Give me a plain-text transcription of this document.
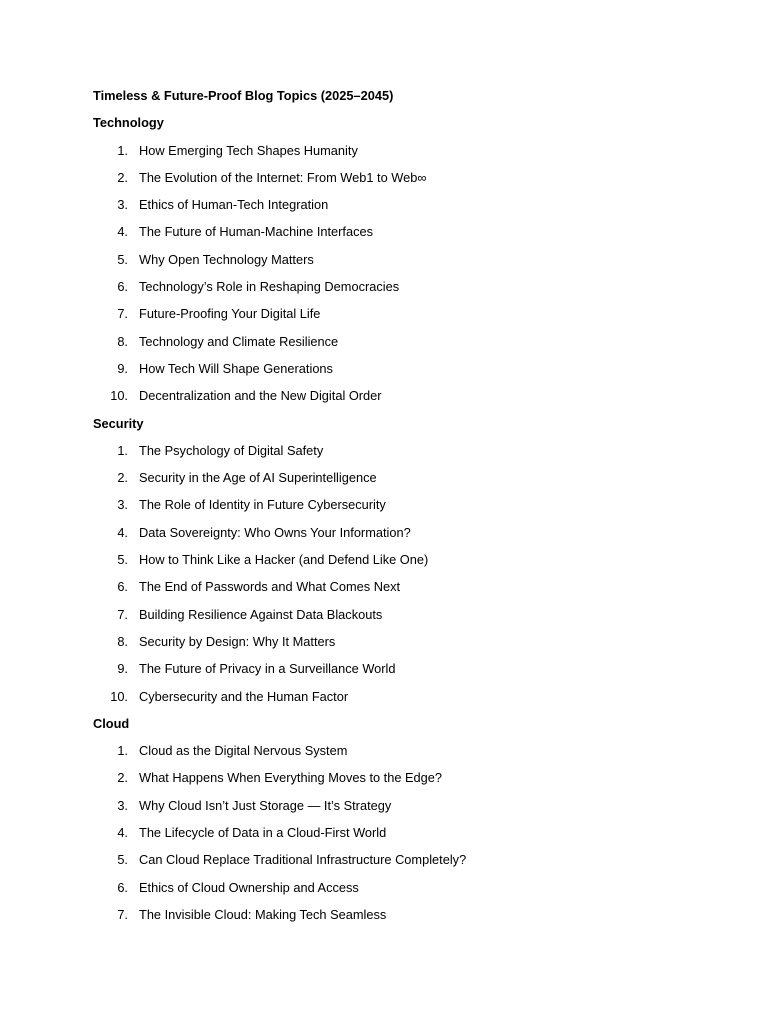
Timeless & Future-Proof Blog Topics (2025–2045)
Technology
1. How Emerging Tech Shapes Humanity
2. The Evolution of the Internet: From Web1 to Web∞
3. Ethics of Human-Tech Integration
4. The Future of Human-Machine Interfaces
5. Why Open Technology Matters
6. Technology’s Role in Reshaping Democracies
7. Future-Proofing Your Digital Life
8. Technology and Climate Resilience
9. How Tech Will Shape Generations
10. Decentralization and the New Digital Order
Security
1. The Psychology of Digital Safety
2. Security in the Age of AI Superintelligence
3. The Role of Identity in Future Cybersecurity
4. Data Sovereignty: Who Owns Your Information?
5. How to Think Like a Hacker (and Defend Like One)
6. The End of Passwords and What Comes Next
7. Building Resilience Against Data Blackouts
8. Security by Design: Why It Matters
9. The Future of Privacy in a Surveillance World
10. Cybersecurity and the Human Factor
Cloud
1. Cloud as the Digital Nervous System
2. What Happens When Everything Moves to the Edge?
3. Why Cloud Isn’t Just Storage — It’s Strategy
4. The Lifecycle of Data in a Cloud-First World
5. Can Cloud Replace Traditional Infrastructure Completely?
6. Ethics of Cloud Ownership and Access
7. The Invisible Cloud: Making Tech Seamless
